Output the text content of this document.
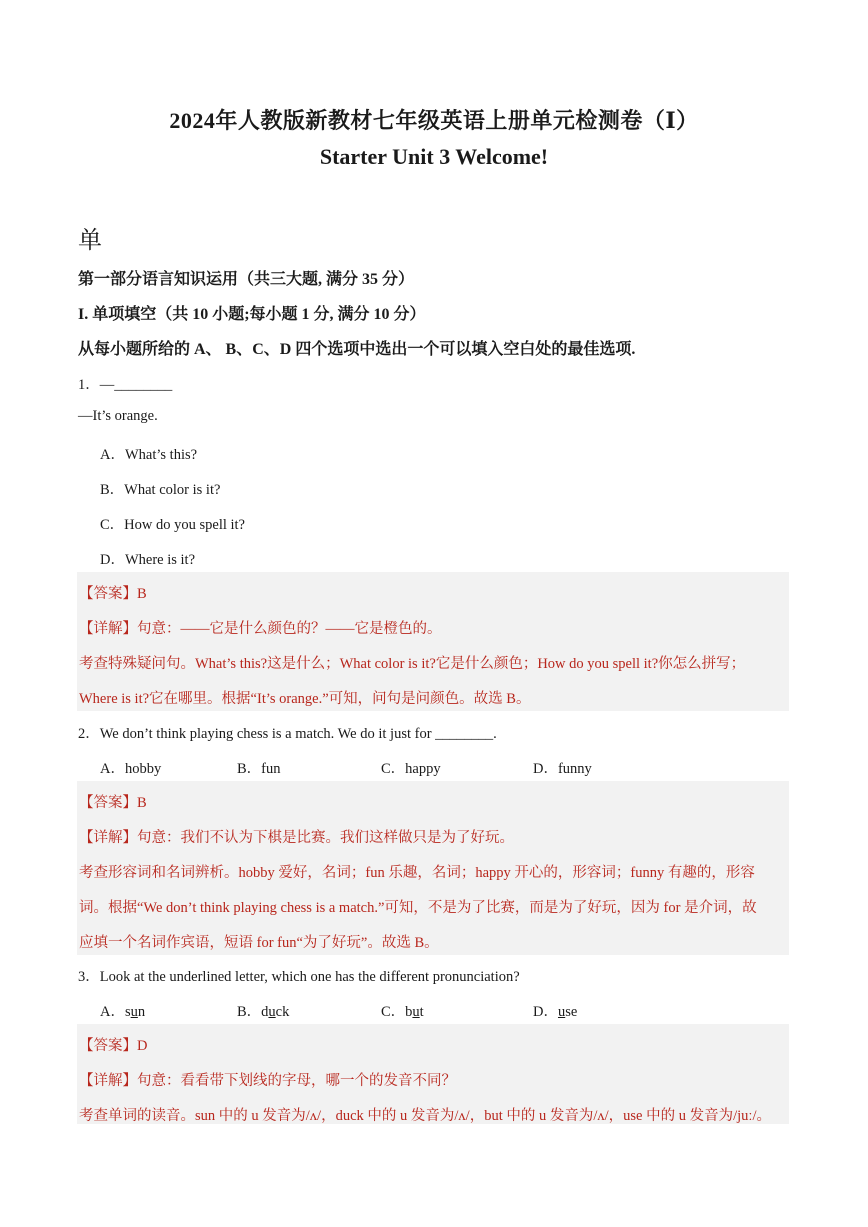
2024年人教版新教材七年级英语上册单元检测卷（Ⅰ）
Starter Unit 3 Welcome!
单
第一部分语言知识运用（共三大题, 满分 35 分）
I. 单项填空（共 10 小题;每小题 1 分, 满分 10 分）
从每小题所给的 A、 B、C、D 四个选项中选出一个可以填入空白处的最佳选项.
1．—________
—It’s orange.
A．What’s this?
B．What color is it?
C．How do you spell it?
D．Where is it?
【答案】B
【详解】句意：——它是什么颜色的？——它是橙色的。
考查特殊疑问句。What’s this?这是什么；What color is it?它是什么颜色；How do you spell it?你怎么拼写；
Where is it?它在哪里。根据“It’s orange.”可知，问句是问颜色。故选 B。
2．We don’t think playing chess is a match. We do it just for ________.
A．hobby	B．fun	C．happy	D．funny
【答案】B
【详解】句意：我们不认为下棋是比赛。我们这样做只是为了好玩。
考查形容词和名词辨析。hobby 爱好，名词；fun 乐趣，名词；happy 开心的，形容词；funny 有趣的，形容
词。根据“We don’t think playing chess is a match.”可知，不是为了比赛，而是为了好玩，因为 for 是介词，故
应填一个名词作宾语，短语 for fun“为了好玩”。故选 B。
3．Look at the underlined letter, which one has the different pronunciation?
A．sun	B．duck	C．but	D．use
【答案】D
【详解】句意：看看带下划线的字母，哪一个的发音不同？
考查单词的读音。sun 中的 u 发音为/ʌ/，duck 中的 u 发音为/ʌ/，but 中的 u 发音为/ʌ/，use 中的 u 发音为/juː/。
